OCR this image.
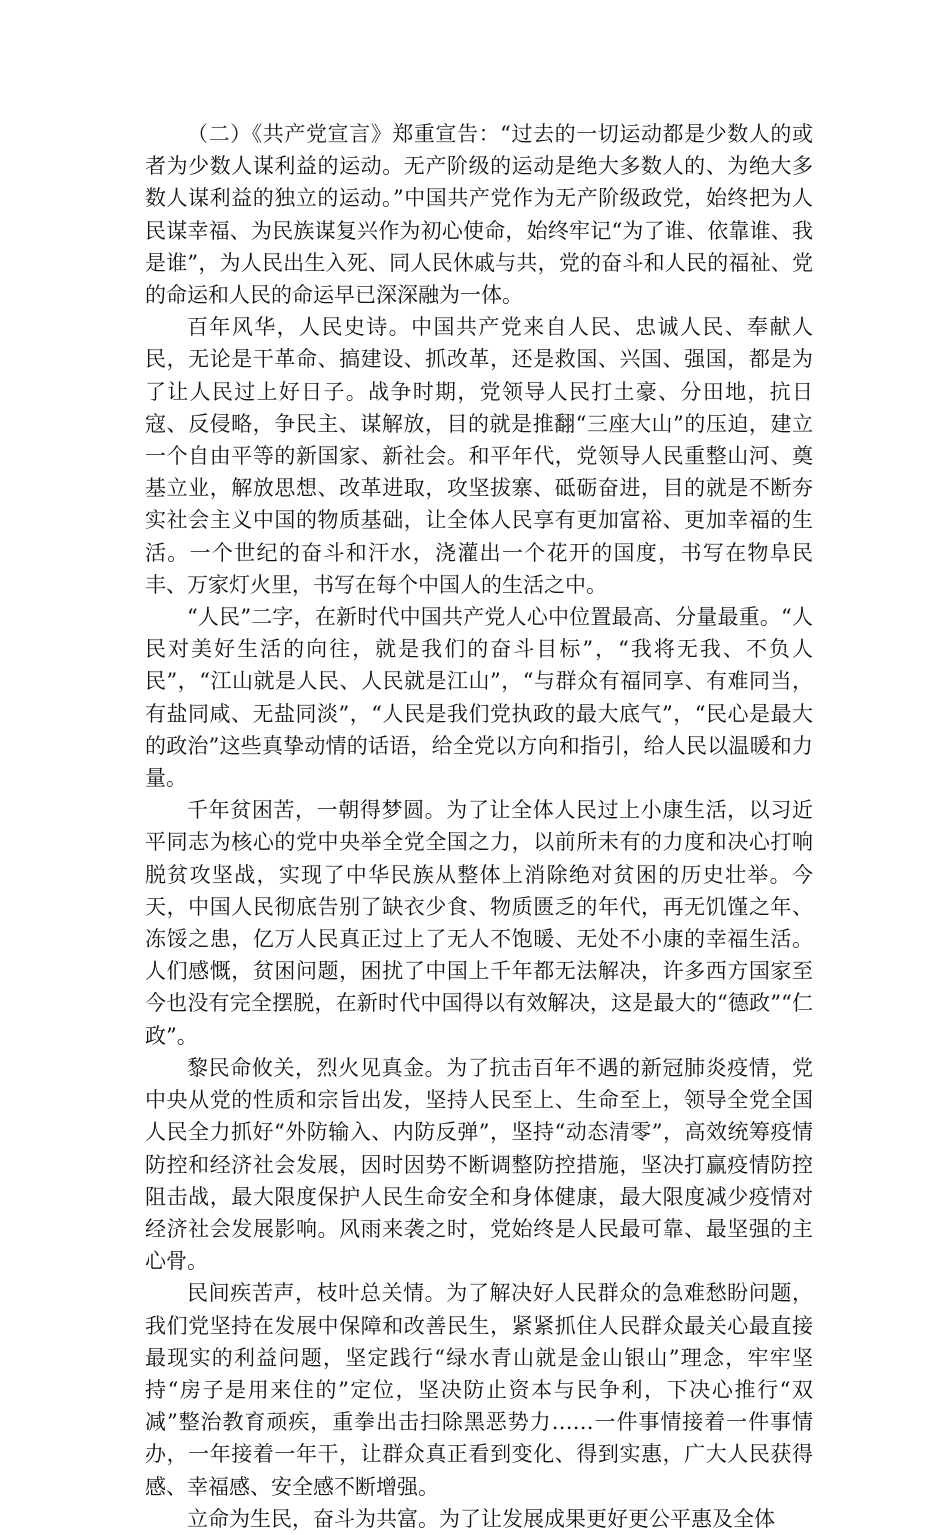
（二）《共产党宣言》郑重宣告：“过去的一切运动都是少数人的或者为少数人谋利益的运动。无产阶级的运动是绝大多数人的、为绝大多数人谋利益的独立的运动。”中国共产党作为无产阶级政党，始终把为人民谋幸福、为民族谋复兴作为初心使命，始终牢记“为了谁、依靠谁、我是谁”，为人民出生入死、同人民休戚与共，党的奋斗和人民的福祉、党的命运和人民的命运早已深深融为一体。

百年风华，人民史诗。中国共产党来自人民、忠诚人民、奉献人民，无论是干革命、搞建设、抓改革，还是救国、兴国、强国，都是为了让人民过上好日子。战争时期，党领导人民打土豪、分田地，抗日寇、反侵略，争民主、谋解放，目的就是推翻“三座大山”的压迫，建立一个自由平等的新国家、新社会。和平年代，党领导人民重整山河、奠基立业，解放思想、改革进取，攻坚拔寨、砥砺奋进，目的就是不断夯实社会主义中国的物质基础，让全体人民享有更加富裕、更加幸福的生活。一个世纪的奋斗和汗水，浇灌出一个花开的国度，书写在物阜民丰、万家灯火里，书写在每个中国人的生活之中。

“人民”二字，在新时代中国共产党人心中位置最高、分量最重。“人民对美好生活的向往，就是我们的奋斗目标”，“我将无我、不负人民”，“江山就是人民、人民就是江山”，“与群众有福同享、有难同当，有盐同咸、无盐同淡”，“人民是我们党执政的最大底气”，“民心是最大的政治”这些真挚动情的话语，给全党以方向和指引，给人民以温暖和力量。

千年贫困苦，一朝得梦圆。为了让全体人民过上小康生活，以习近平同志为核心的党中央举全党全国之力，以前所未有的力度和决心打响脱贫攻坚战，实现了中华民族从整体上消除绝对贫困的历史壮举。今天，中国人民彻底告别了缺衣少食、物质匮乏的年代，再无饥馑之年、冻馁之患，亿万人民真正过上了无人不饱暖、无处不小康的幸福生活。人们感慨，贫困问题，困扰了中国上千年都无法解决，许多西方国家至今也没有完全摆脱，在新时代中国得以有效解决，这是最大的“德政”“仁政”。

黎民命攸关，烈火见真金。为了抗击百年不遇的新冠肺炎疫情，党中央从党的性质和宗旨出发，坚持人民至上、生命至上，领导全党全国人民全力抓好“外防输入、内防反弹”，坚持“动态清零”，高效统筹疫情防控和经济社会发展，因时因势不断调整防控措施，坚决打赢疫情防控阻击战，最大限度保护人民生命安全和身体健康，最大限度减少疫情对经济社会发展影响。风雨来袭之时，党始终是人民最可靠、最坚强的主心骨。

民间疾苦声，枝叶总关情。为了解决好人民群众的急难愁盼问题，我们党坚持在发展中保障和改善民生，紧紧抓住人民群众最关心最直接最现实的利益问题，坚定践行“绿水青山就是金山银山”理念，牢牢坚持“房子是用来住的”定位，坚决防止资本与民争利，下决心推行“双减”整治教育顽疾，重拳出击扫除黑恶势力……一件事情接着一件事情办，一年接着一年干，让群众真正看到变化、得到实惠，广大人民获得感、幸福感、安全感不断增强。

立命为生民，奋斗为共富。为了让发展成果更好更公平惠及全体
